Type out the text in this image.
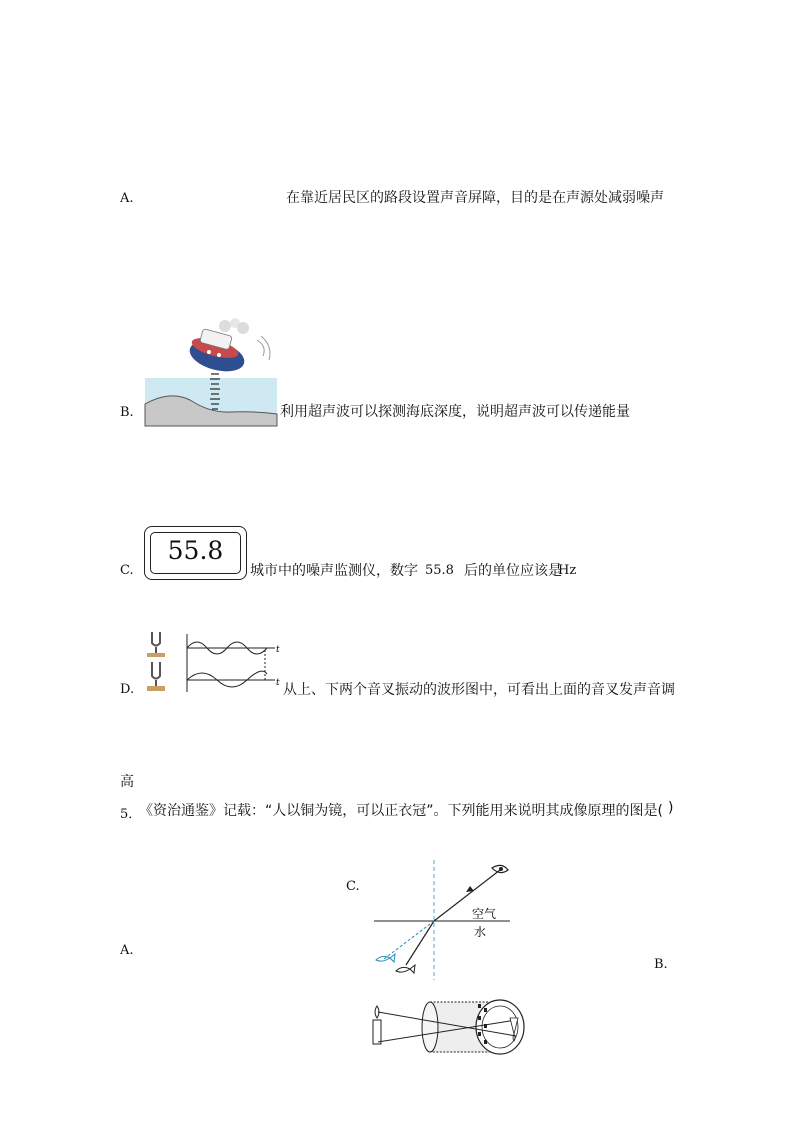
A.	在靠近居民区的路段设置声音屏障，目的是在声源处减弱噪声
B.	利用超声波可以探测海底深度，说明超声波可以传递能量
C.
55.8
城市中的噪声监测仪，数字 55.8 后的单位应该是
Hz
D.
t
t 从上、下两个音叉振动的波形图中，可看出上面的音叉发声音调
高
5．
《资治通鉴》记载：“人以铜为镜，可以正衣冠”。下列能用来说明其成像原理的图是( )
A.
B.
C.
空气
水
